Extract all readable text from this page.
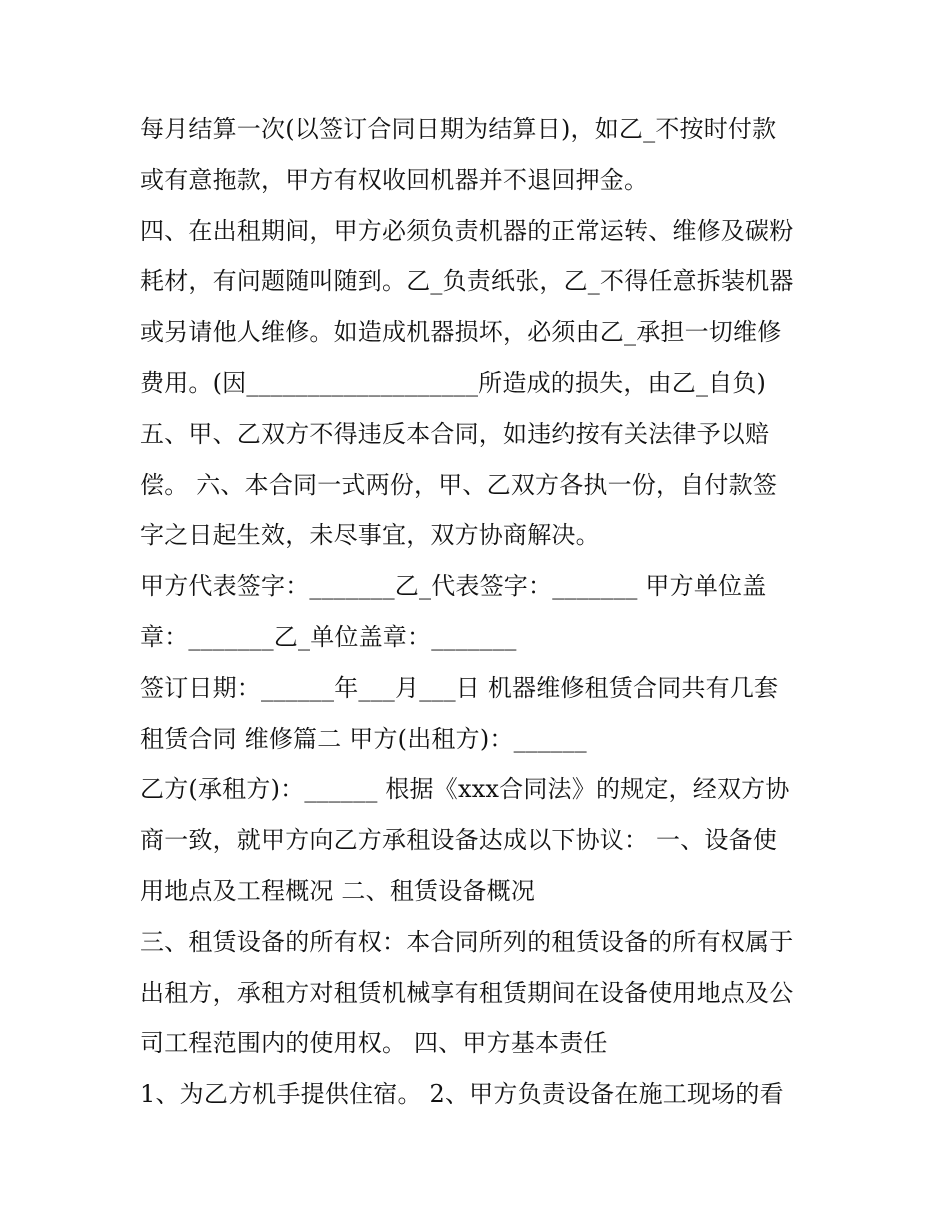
每月结算一次(以签订合同日期为结算日)，如乙_不按时付款
或有意拖款，甲方有权收回机器并不退回押金。
四、在出租期间，甲方必须负责机器的正常运转、维修及碳粉
耗材，有问题随叫随到。乙_负责纸张，乙_不得任意拆装机器
或另请他人维修。如造成机器损坏，必须由乙_承担一切维修
费用。(因___________________所造成的损失，由乙_自负)
五、甲、乙双方不得违反本合同，如违约按有关法律予以赔
偿。 六、本合同一式两份，甲、乙双方各执一份，自付款签
字之日起生效，未尽事宜，双方协商解决。
甲方代表签字：_______乙_代表签字：_______ 甲方单位盖
章：_______乙_单位盖章：_______
签订日期：______年___月___日 机器维修租赁合同共有几套
租赁合同 维修篇二 甲方(出租方)：______
乙方(承租方)：______ 根据《xxx合同法》的规定，经双方协
商一致，就甲方向乙方承租设备达成以下协议： 一、设备使
用地点及工程概况 二、租赁设备概况
三、租赁设备的所有权：本合同所列的租赁设备的所有权属于
出租方，承租方对租赁机械享有租赁期间在设备使用地点及公
司工程范围内的使用权。 四、甲方基本责任
1、为乙方机手提供住宿。 2、甲方负责设备在施工现场的看
